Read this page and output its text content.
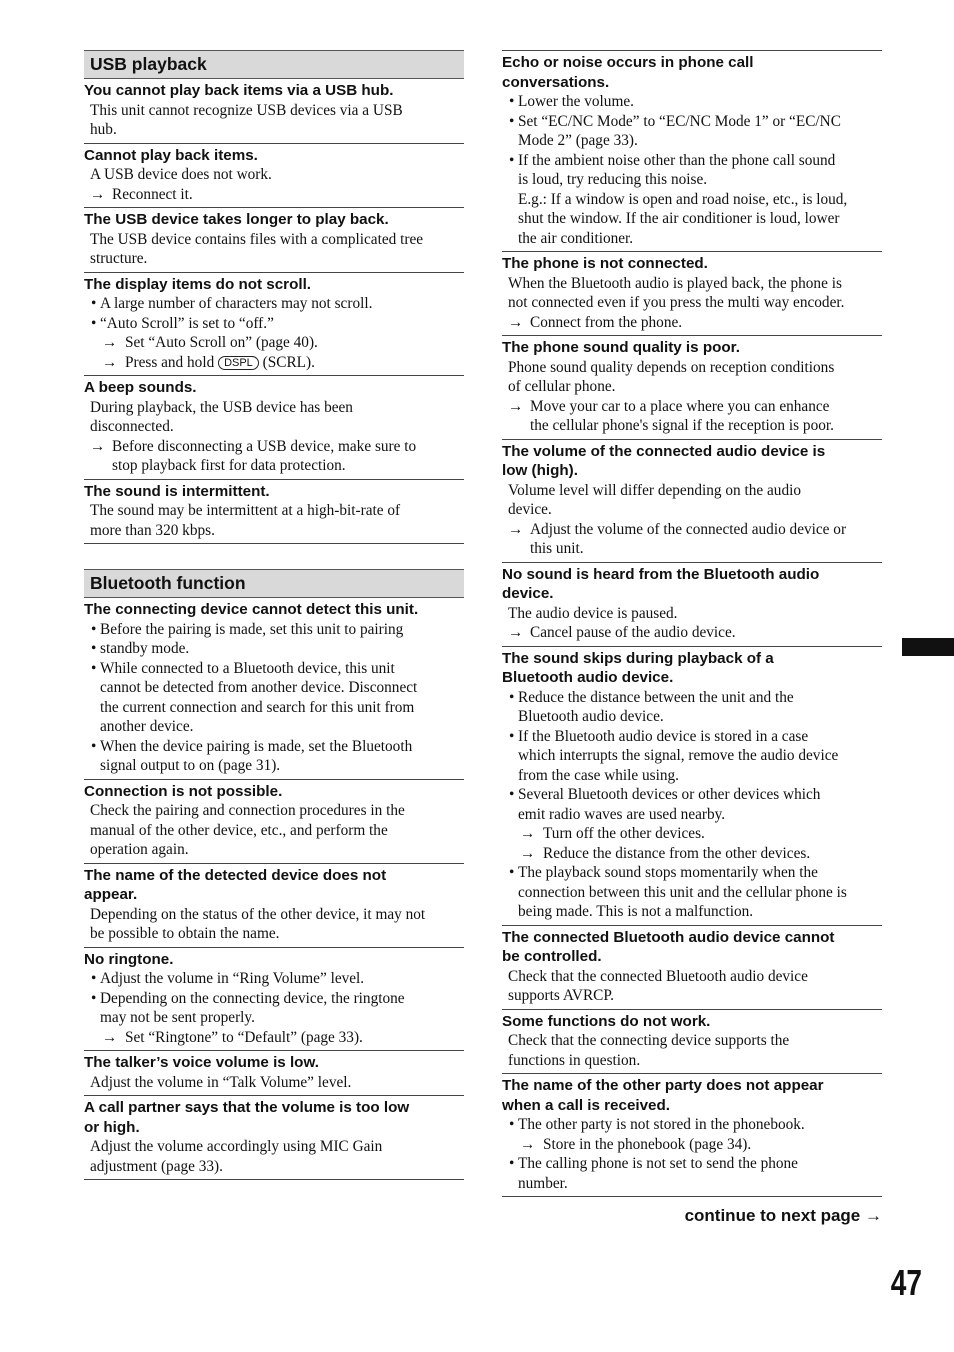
USB playback

You cannot play back items via a USB hub.

This unit cannot recognize USB devices via a USB

hub.

Cannot play back items.

A USB device does not work.

→ Reconnect it.

The USB device takes longer to play back.

The USB device contains files with a complicated tree

structure.

The display items do not scroll.

• A large number of characters may not scroll.

• “Auto Scroll” is set to “off.”

→ Set “Auto Scroll on” (page 40).

→ Press and hold DSPL (SCRL).

A beep sounds.

During playback, the USB device has been

disconnected.

→ Before disconnecting a USB device, make sure to

stop playback first for data protection.

The sound is intermittent.

The sound may be intermittent at a high-bit-rate of

more than 320 kbps.

Bluetooth function

The connecting device cannot detect this unit.

• Before the pairing is made, set this unit to pairing

• standby mode.

• While connected to a Bluetooth device, this unit

cannot be detected from another device. Disconnect

the current connection and search for this unit from

another device.

• When the device pairing is made, set the Bluetooth

signal output to on (page 31).

Connection is not possible.

Check the pairing and connection procedures in the

manual of the other device, etc., and perform the

operation again.

The name of the detected device does not

appear.

Depending on the status of the other device, it may not

be possible to obtain the name.

No ringtone.

• Adjust the volume in “Ring Volume” level.

• Depending on the connecting device, the ringtone

may not be sent properly.

→ Set “Ringtone” to “Default” (page 33).

The talker’s voice volume is low.

Adjust the volume in “Talk Volume” level.

A call partner says that the volume is too low

or high.

Adjust the volume accordingly using MIC Gain

adjustment (page 33).

Echo or noise occurs in phone call

conversations.

• Lower the volume.

• Set “EC/NC Mode” to “EC/NC Mode 1” or “EC/NC

Mode 2” (page 33).

• If the ambient noise other than the phone call sound

is loud, try reducing this noise.

E.g.: If a window is open and road noise, etc., is loud,

shut the window. If the air conditioner is loud, lower

the air conditioner.

The phone is not connected.

When the Bluetooth audio is played back, the phone is

not connected even if you press the multi way encoder.

→ Connect from the phone.

The phone sound quality is poor.

Phone sound quality depends on reception conditions

of cellular phone.

→ Move your car to a place where you can enhance

the cellular phone's signal if the reception is poor.

The volume of the connected audio device is

low (high).

Volume level will differ depending on the audio

device.

→ Adjust the volume of the connected audio device or

this unit.

No sound is heard from the Bluetooth audio

device.

The audio device is paused.

→ Cancel pause of the audio device.

The sound skips during playback of a

Bluetooth audio device.

• Reduce the distance between the unit and the

Bluetooth audio device.

• If the Bluetooth audio device is stored in a case

which interrupts the signal, remove the audio device

from the case while using.

• Several Bluetooth devices or other devices which

emit radio waves are used nearby.

→ Turn off the other devices.

→ Reduce the distance from the other devices.

• The playback sound stops momentarily when the

connection between this unit and the cellular phone is

being made. This is not a malfunction.

The connected Bluetooth audio device cannot

be controlled.

Check that the connected Bluetooth audio device

supports AVRCP.

Some functions do not work.

Check that the connecting device supports the

functions in question.

The name of the other party does not appear

when a call is received.

• The other party is not stored in the phonebook.

→ Store in the phonebook (page 34).

• The calling phone is not set to send the phone

number.

continue to next page →
47
